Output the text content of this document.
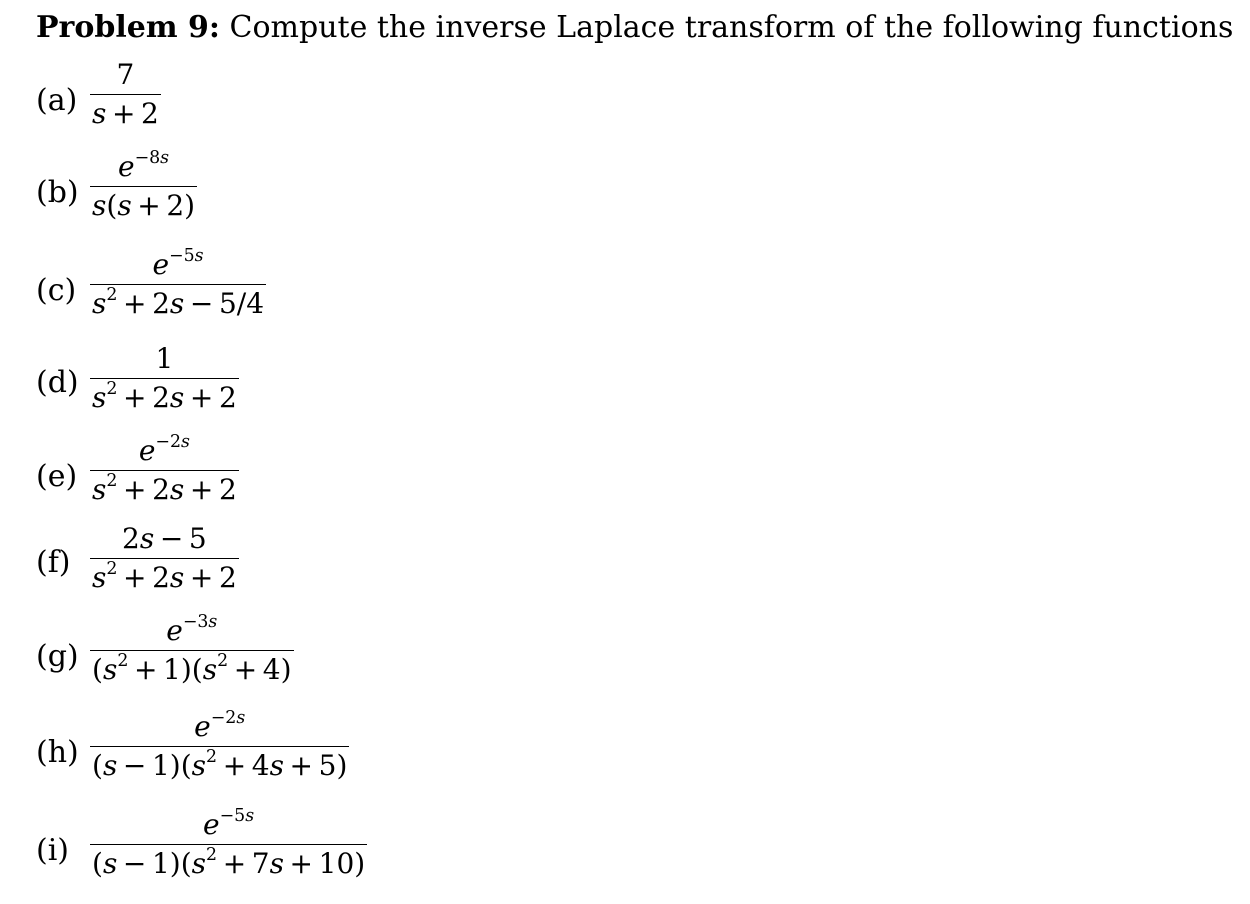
Problem 9: Compute the inverse Laplace transform of the following functions
(a)
7
s  +  2
(b)
$e^{-8s}$
s(s  +  2)
(c)
$e^{-5s}$
$s^2 + 2s - 5/4$
(d)
1
$s^2 + 2s + 2$
(e)
$e^{-2s}$
$s^2 + 2s + 2$
(f)
2s  −  5
$s^2 + 2s + 2$
(g)
$e^{-3s}$
$(s^2 + 1)(s^2 + 4)$
(h)
$e^{-2s}$
$(s - 1)(s^2 + 4s + 5)$
(i)
$e^{-5s}$
$(s - 1)(s^2 + 7s + 10)$
